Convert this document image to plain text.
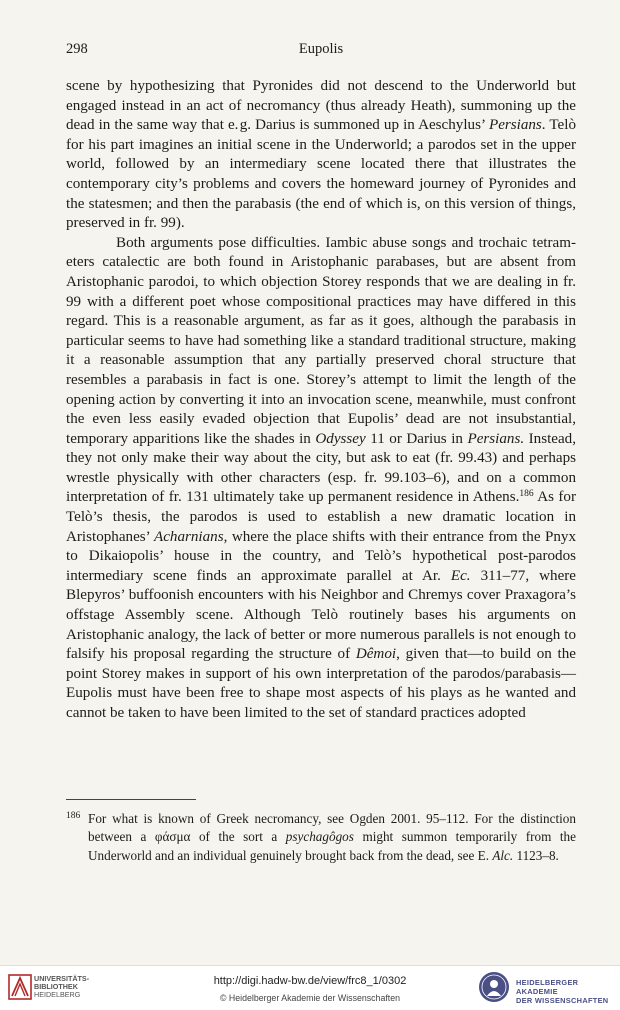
298	Eupolis

scene by hypothesizing that Pyronides did not descend to the Underworld but engaged instead in an act of necromancy (thus already Heath), summoning up the dead in the same way that e. g. Darius is summoned up in Aeschylus’ Persians. Telò for his part imagines an initial scene in the Underworld; a parodos set in the upper world, followed by an intermediary scene located there that illustrates the contemporary city’s problems and covers the homeward journey of Pyronides and the statesmen; and then the parabasis (the end of which is, on this version of things, preserved in fr. 99).

Both arguments pose difficulties. Iambic abuse songs and trochaic tetrameters catalectic are both found in Aristophanic parabases, but are absent from Aristophanic parodoi, to which objection Storey responds that we are dealing in fr. 99 with a different poet whose compositional practices may have differed in this regard. This is a reasonable argument, as far as it goes, although the parabasis in particular seems to have had something like a standard traditional structure, making it a reasonable assumption that any partially preserved choral structure that resembles a parabasis in fact is one. Storey’s attempt to limit the length of the opening action by converting it into an invocation scene, meanwhile, must confront the even less easily evaded objection that Eupolis’ dead are not insubstantial, temporary apparitions like the shades in Odyssey 11 or Darius in Persians. Instead, they not only make their way about the city, but ask to eat (fr. 99.43) and perhaps wrestle physically with other characters (esp. fr. 99.103–6), and on a common interpretation of fr. 131 ultimately take up permanent residence in Athens.$^{186}$ As for Telò’s thesis, the parodos is used to establish a new dramatic location in Aristophanes’ Acharnians, where the place shifts with their entrance from the Pnyx to Dikaiopolis’ house in the country, and Telò’s hypothetical post-parodos intermediary scene finds an approximate parallel at Ar. Ec. 311–77, where Blepyros’ buffoonish encounters with his Neighbor and Chremys cover Praxagora’s offstage Assembly scene. Although Telò routinely bases his arguments on Aristophanic analogy, the lack of better or more numerous parallels is not enough to falsify his proposal regarding the structure of Dêmoi, given that—to build on the point Storey makes in support of his own interpretation of the parodos/parabasis—Eupolis must have been free to shape most aspects of his plays as he wanted and cannot be taken to have been limited to the set of standard practices adopted

186 For what is known of Greek necromancy, see Ogden 2001. 95–112. For the distinction between a φάσμα of the sort a psychagôgos might summon temporarily from the Underworld and an individual genuinely brought back from the dead, see E. Alc. 1123–8.
UNIVERSITÄTS-
BIBLIOTHEK
HEIDELBERG
http://digi.hadw-bw.de/view/frc8_1/0302
© Heidelberger Akademie der Wissenschaften
HEIDELBERGER AKADEMIE
DER WISSENSCHAFTEN
